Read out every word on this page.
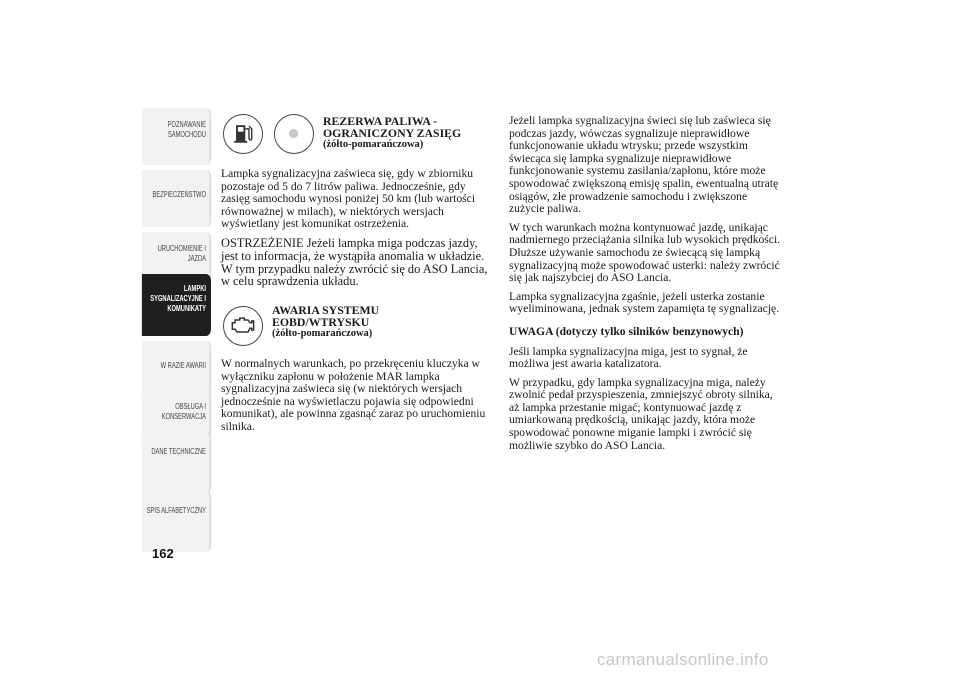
POZNAWANIE SAMOCHODU
BEZPIECZEŃSTWO
URUCHOMIENIE I JAZDA
LAMPKI SYGNALIZACYJNE I KOMUNIKATY
W RAZIE AWARII
OBSŁUGA I KONSERWACJA
DANE TECHNICZNE
SPIS ALFABETYCZNY
162
REZERWA PALIWA -
OGRANICZONY ZASIĘG
(żółto-pomarańczowa)

Lampka sygnalizacyjna zaświeca się, gdy w zbiorniku pozostaje od 5 do 7 litrów paliwa. Jednocześnie, gdy zasięg samochodu wynosi poniżej 50 km (lub wartości równoważnej w milach), w niektórych wersjach wyświetlany jest komunikat ostrzeżenia.

OSTRZEŻENIE Jeżeli lampka miga podczas jazdy, jest to informacja, że wystąpiła anomalia w układzie. W tym przypadku należy zwrócić się do ASO Lancia, w celu sprawdzenia układu.

AWARIA SYSTEMU
EOBD/WTRYSKU
(żółto-pomarańczowa)

W normalnych warunkach, po przekręceniu kluczyka w wyłączniku zapłonu w położenie MAR lampka sygnalizacyjna zaświeca się (w niektórych wersjach jednocześnie na wyświetlaczu pojawia się odpowiedni komunikat), ale powinna zgasnąć zaraz po uruchomieniu silnika.

Jeżeli lampka sygnalizacyjna świeci się lub zaświeca się podczas jazdy, wówczas sygnalizuje nieprawidłowe funkcjonowanie układu wtrysku; przede wszystkim świecąca się lampka sygnalizuje nieprawidłowe funkcjonowanie systemu zasilania/zapłonu, które może spowodować zwiększoną emisję spalin, ewentualną utratę osiągów, złe prowadzenie samochodu i zwiększone zużycie paliwa.

W tych warunkach można kontynuować jazdę, unikając nadmiernego przeciążania silnika lub wysokich prędkości. Dłuższe używanie samochodu ze świecącą się lampką sygnalizacyjną może spowodować usterki: należy zwrócić się jak najszybciej do ASO Lancia.

Lampka sygnalizacyjna zgaśnie, jeżeli usterka zostanie wyeliminowana, jednak system zapamięta tę sygnalizację.

UWAGA (dotyczy tylko silników benzynowych)

Jeśli lampka sygnalizacyjna miga, jest to sygnał, że możliwa jest awaria katalizatora.

W przypadku, gdy lampka sygnalizacyjna miga, należy zwolnić pedał przyspieszenia, zmniejszyć obroty silnika, aż lampka przestanie migać; kontynuować jazdę z umiarkowaną prędkością, unikając jazdy, która może spowodować ponowne miganie lampki i zwrócić się możliwie szybko do ASO Lancia.

carmanualsonline.info
